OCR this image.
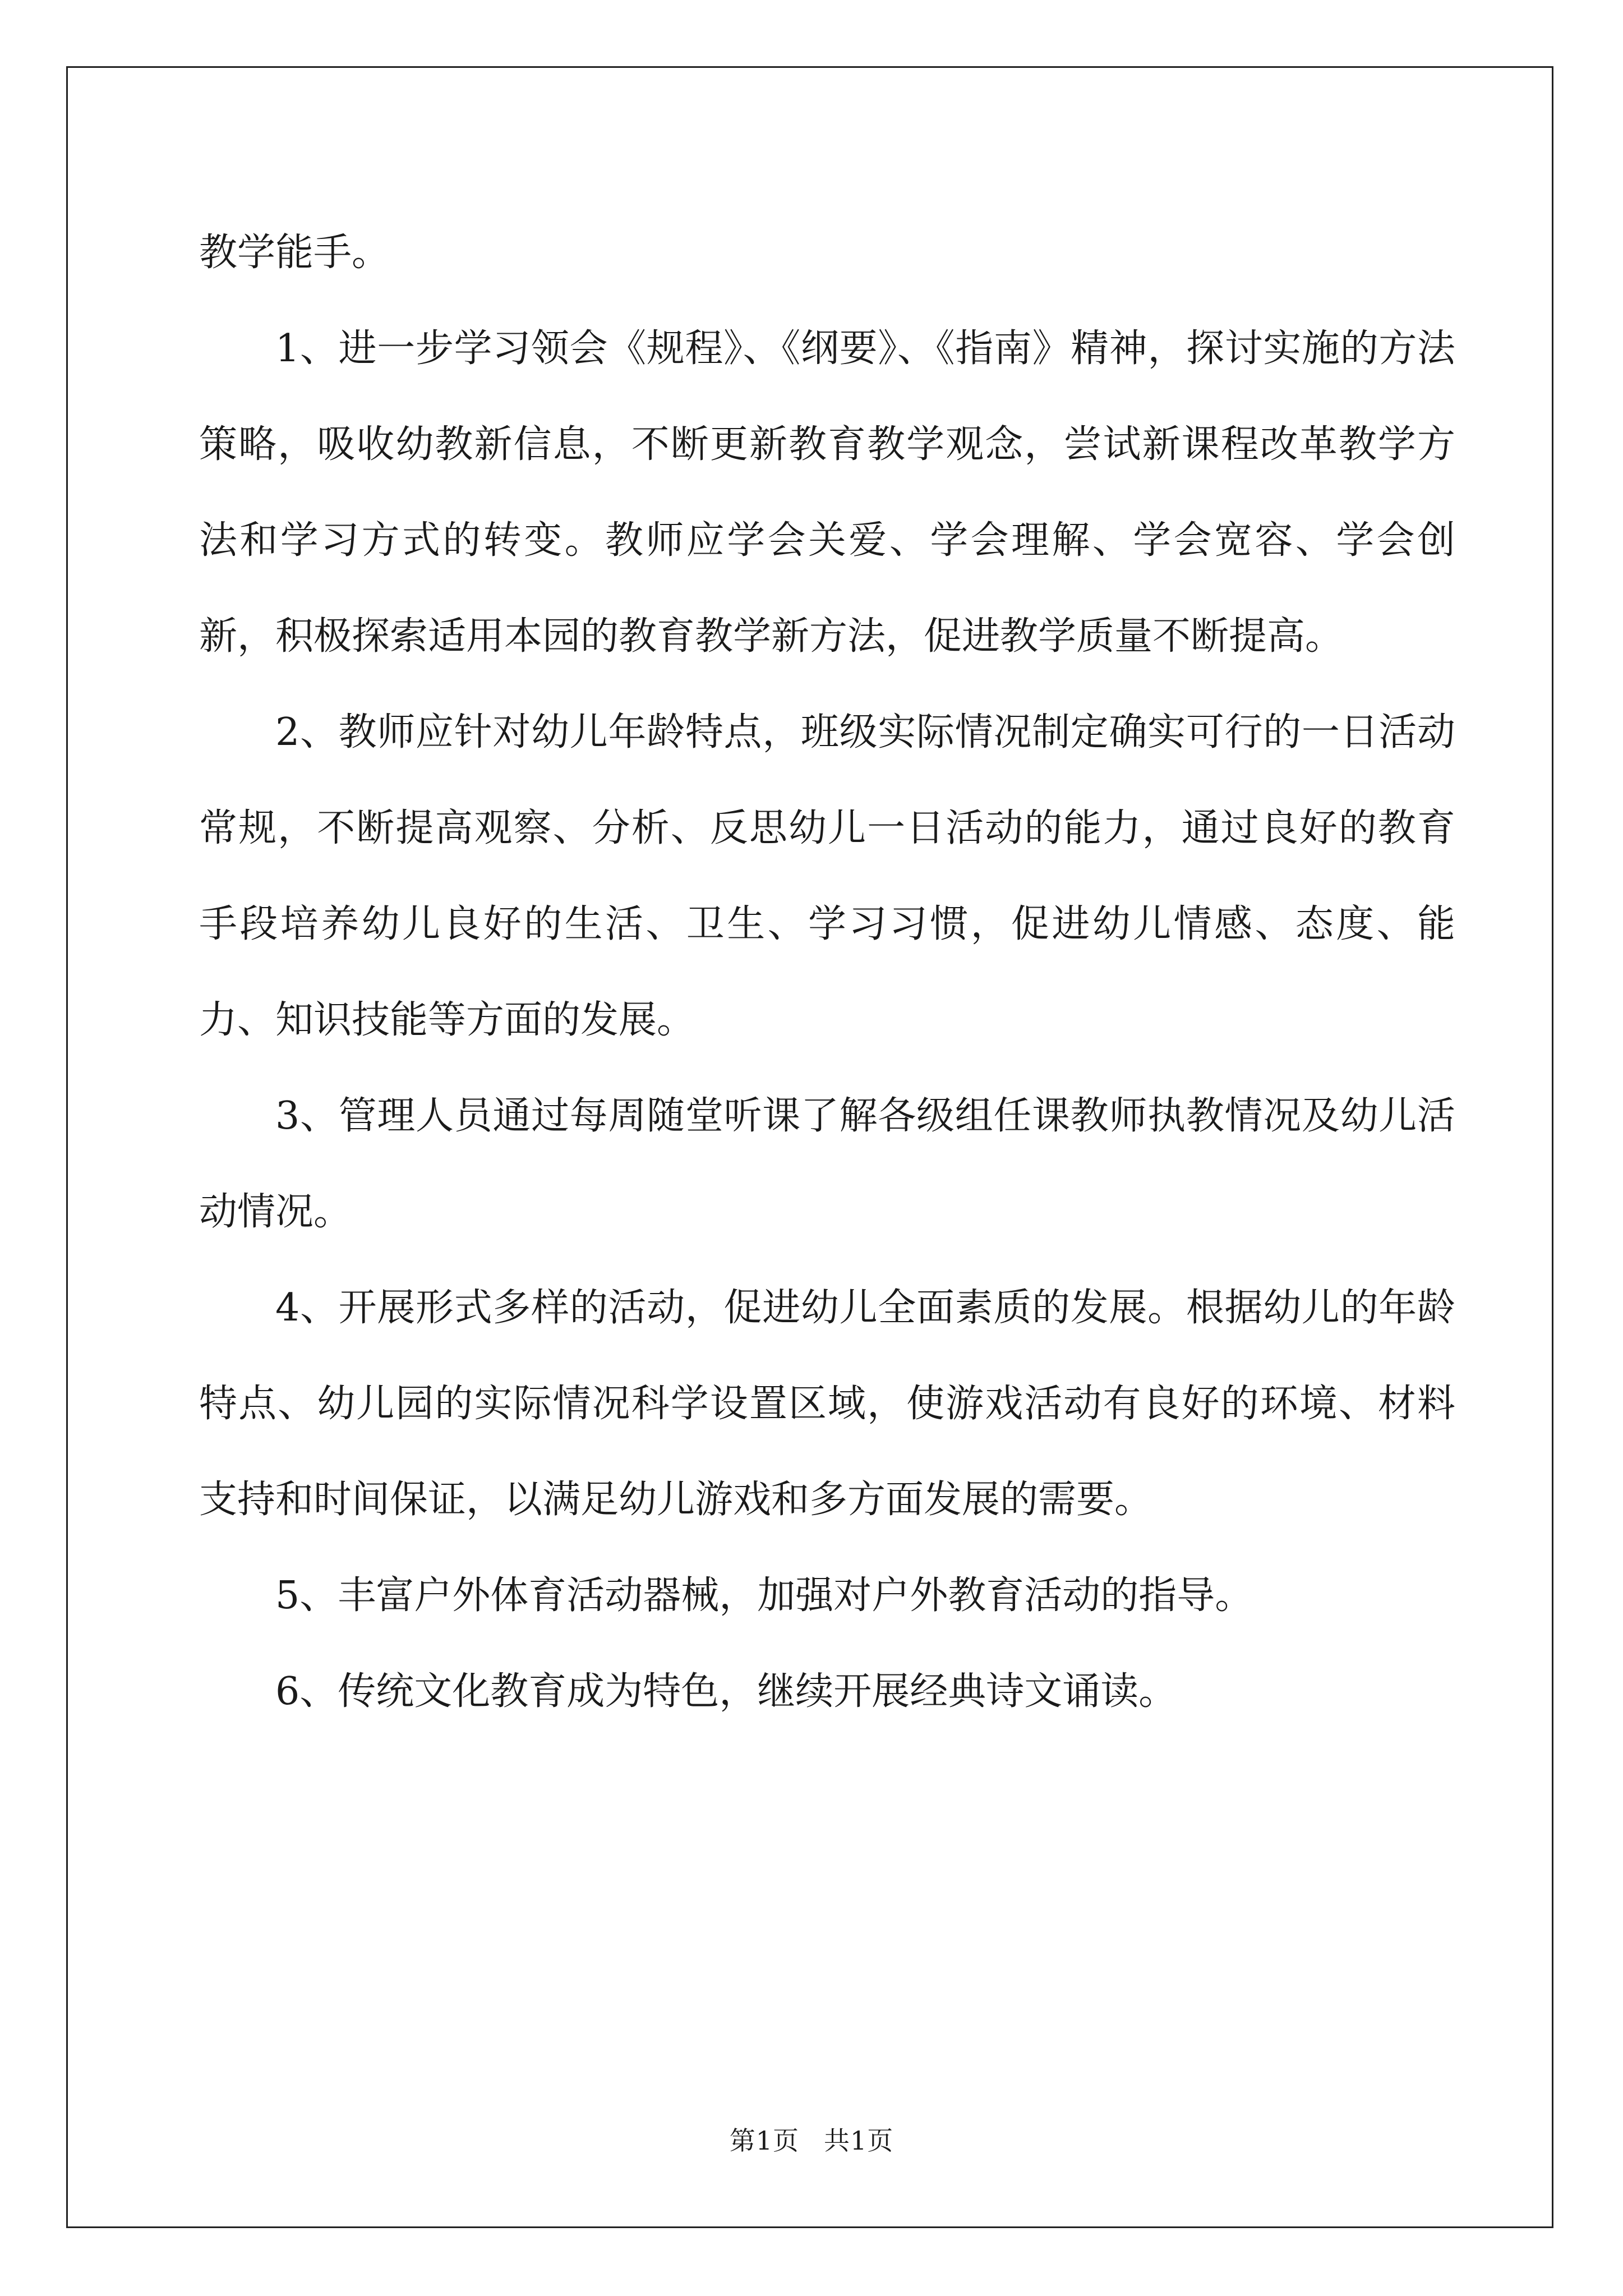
教学能手。

1、进一步学习领会《规程》、《纲要》、《指南》精神，探讨实施的方法策略，吸收幼教新信息，不断更新教育教学观念，尝试新课程改革教学方法和学习方式的转变。教师应学会关爱、学会理解、学会宽容、学会创新，积极探索适用本园的教育教学新方法，促进教学质量不断提高。

2、教师应针对幼儿年龄特点，班级实际情况制定确实可行的一日活动常规，不断提高观察、分析、反思幼儿一日活动的能力，通过良好的教育手段培养幼儿良好的生活、卫生、学习习惯，促进幼儿情感、态度、能力、知识技能等方面的发展。

3、管理人员通过每周随堂听课了解各级组任课教师执教情况及幼儿活动情况。

4、开展形式多样的活动，促进幼儿全面素质的发展。根据幼儿的年龄特点、幼儿园的实际情况科学设置区域，使游戏活动有良好的环境、材料支持和时间保证，以满足幼儿游戏和多方面发展的需要。

5、丰富户外体育活动器械，加强对户外教育活动的指导。

6、传统文化教育成为特色，继续开展经典诗文诵读。

第1页 共1页
